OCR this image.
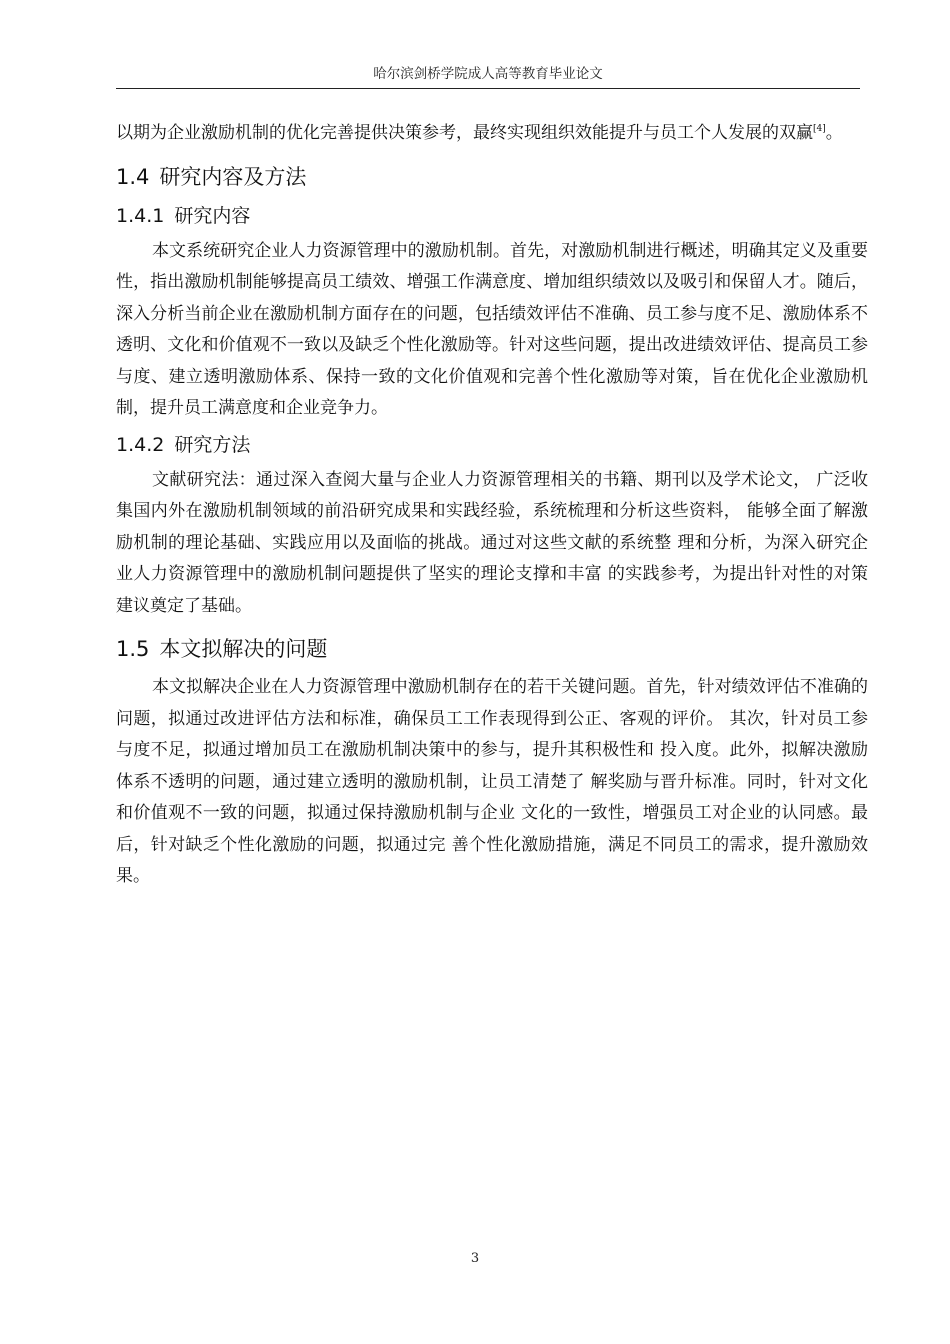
哈尔滨剑桥学院成人高等教育毕业论文

以期为企业激励机制的优化完善提供决策参考，最终实现组织效能提升与员工个人发展的双赢[4]。

1.4 研究内容及方法
1.4.1 研究内容

本文系统研究企业人力资源管理中的激励机制。首先，对激励机制进行概述，明确其定义及重要性，指出激励机制能够提高员工绩效、增强工作满意度、增加组织绩效以及吸引和保留人才。随后，深入分析当前企业在激励机制方面存在的问题，包括绩效评估不准确、员工参与度不足、激励体系不透明、文化和价值观不一致以及缺乏个性化激励等。针对这些问题，提出改进绩效评估、提高员工参与度、建立透明激励体系、保持一致的文化价值观和完善个性化激励等对策，旨在优化企业激励机制，提升员工满意度和企业竞争力。

1.4.2 研究方法

文献研究法：通过深入查阅大量与企业人力资源管理相关的书籍、期刊以及学术论文， 广泛收集国内外在激励机制领域的前沿研究成果和实践经验，系统梳理和分析这些资料， 能够全面了解激励机制的理论基础、实践应用以及面临的挑战。通过对这些文献的系统整 理和分析，为深入研究企业人力资源管理中的激励机制问题提供了坚实的理论支撑和丰富 的实践参考，为提出针对性的对策建议奠定了基础。

1.5 本文拟解决的问题

本文拟解决企业在人力资源管理中激励机制存在的若干关键问题。首先，针对绩效评估不准确的问题，拟通过改进评估方法和标准，确保员工工作表现得到公正、客观的评价。 其次，针对员工参与度不足，拟通过增加员工在激励机制决策中的参与，提升其积极性和 投入度。此外，拟解决激励体系不透明的问题，通过建立透明的激励机制，让员工清楚了 解奖励与晋升标准。同时，针对文化和价值观不一致的问题，拟通过保持激励机制与企业 文化的一致性，增强员工对企业的认同感。最后，针对缺乏个性化激励的问题，拟通过完 善个性化激励措施，满足不同员工的需求，提升激励效果。

3
